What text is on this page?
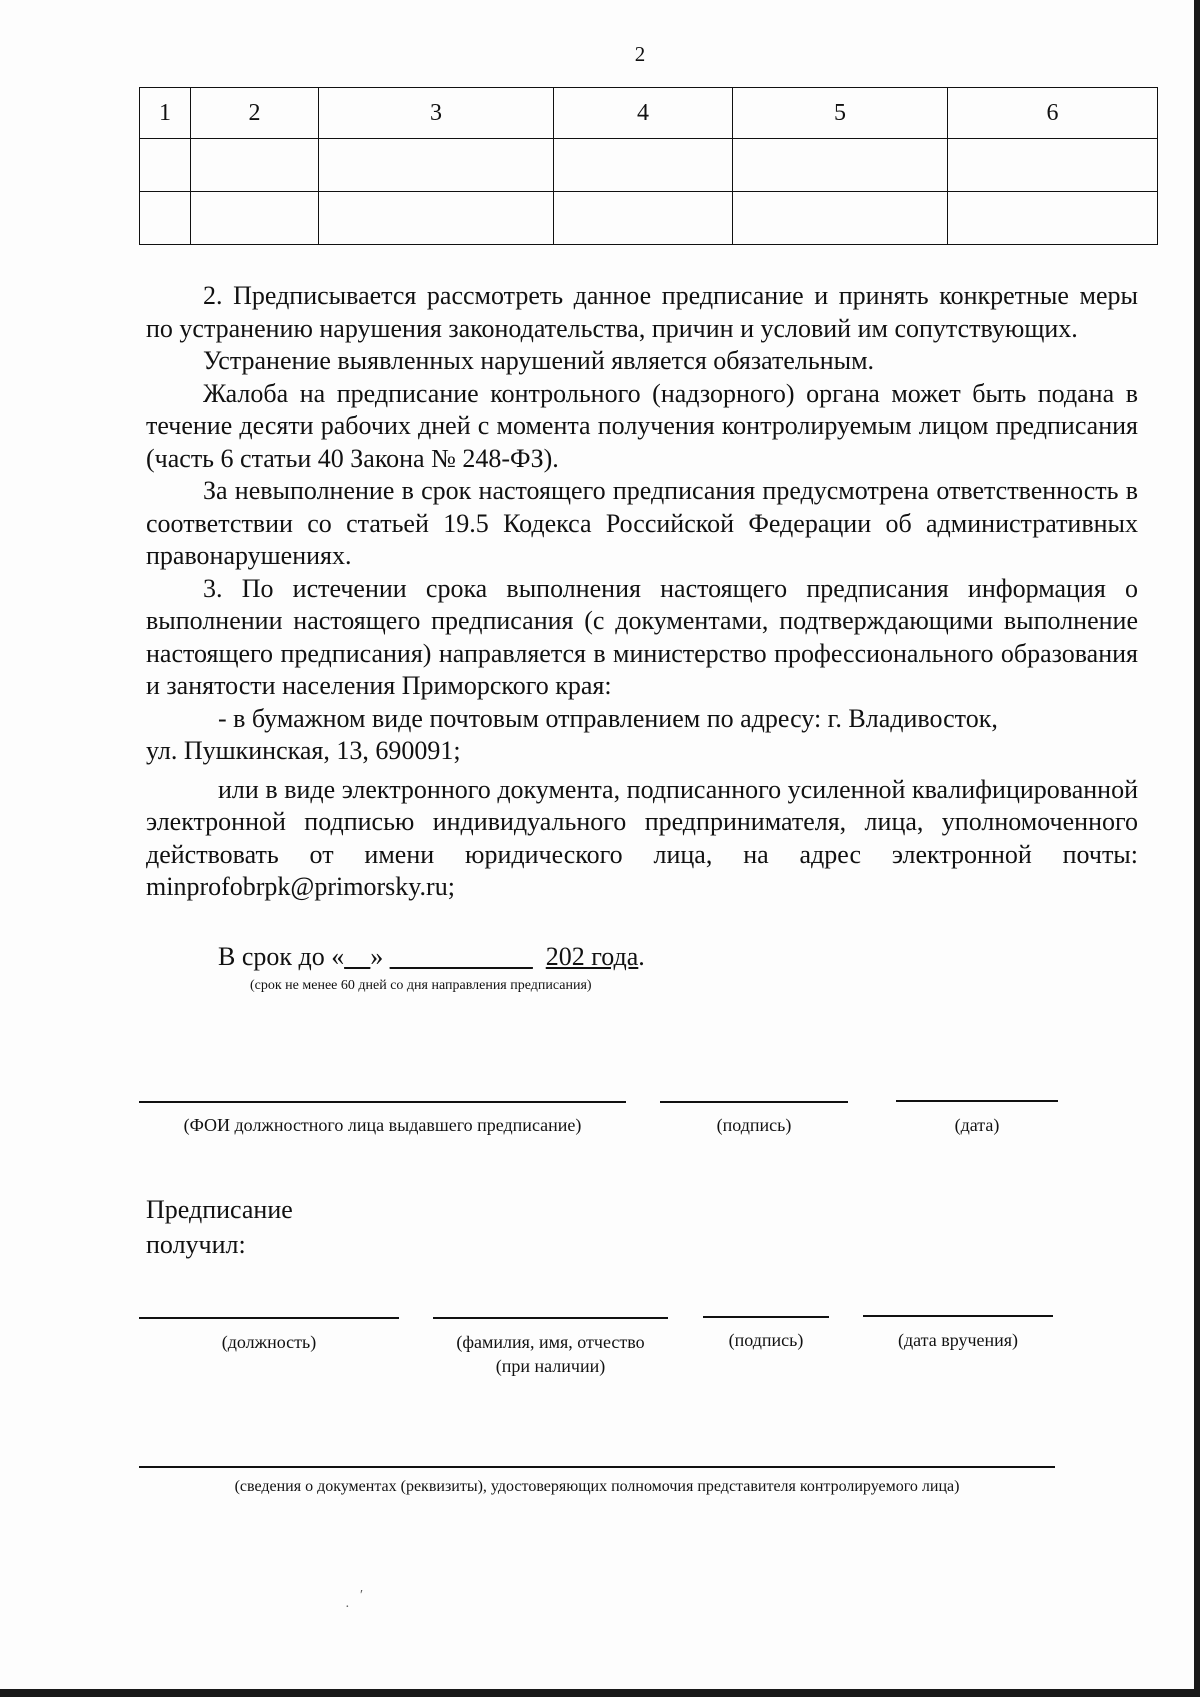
2
1	2	3	4	5	6

2. Предписывается рассмотреть данное предписание и принять конкретные меры по устранению нарушения законодательства, причин и условий им сопутствующих.

Устранение выявленных нарушений является обязательным.

Жалоба на предписание контрольного (надзорного) органа может быть подана в течение десяти рабочих дней с момента получения контролируемым лицом предписания (часть 6 статьи 40 Закона № 248-ФЗ).

За невыполнение в срок настоящего предписания предусмотрена ответственность в соответствии со статьей 19.5 Кодекса Российской Федерации об административных правонарушениях.

3. По истечении срока выполнения настоящего предписания информация о выполнении настоящего предписания (с документами, подтверждающими выполнение настоящего предписания) направляется в министерство профессионального образования и занятости населения Приморского края:

- в бумажном виде почтовым отправлением по адресу: г. Владивосток,

ул. Пушкинская, 13, 690091;

или в виде электронного документа, подписанного усиленной квалифицированной электронной подписью индивидуального предпринимателя, лица, уполномоченного действовать от имени юридического лица, на адрес электронной почты: minprofobrpk@primorsky.ru;

В срок до «__» ___________ 202 года.
(срок не менее 60 дней со дня направления предписания)
(ФОИ должностного лица выдавшего предписание)	(подпись)	(дата)
Предписание
получил:
(должность)	(фамилия, имя, отчество
(при наличии)
(подпись)	(дата вручения)
(сведения о документах (реквизиты), удостоверяющих полномочия представителя контролируемого лица)
′
·
